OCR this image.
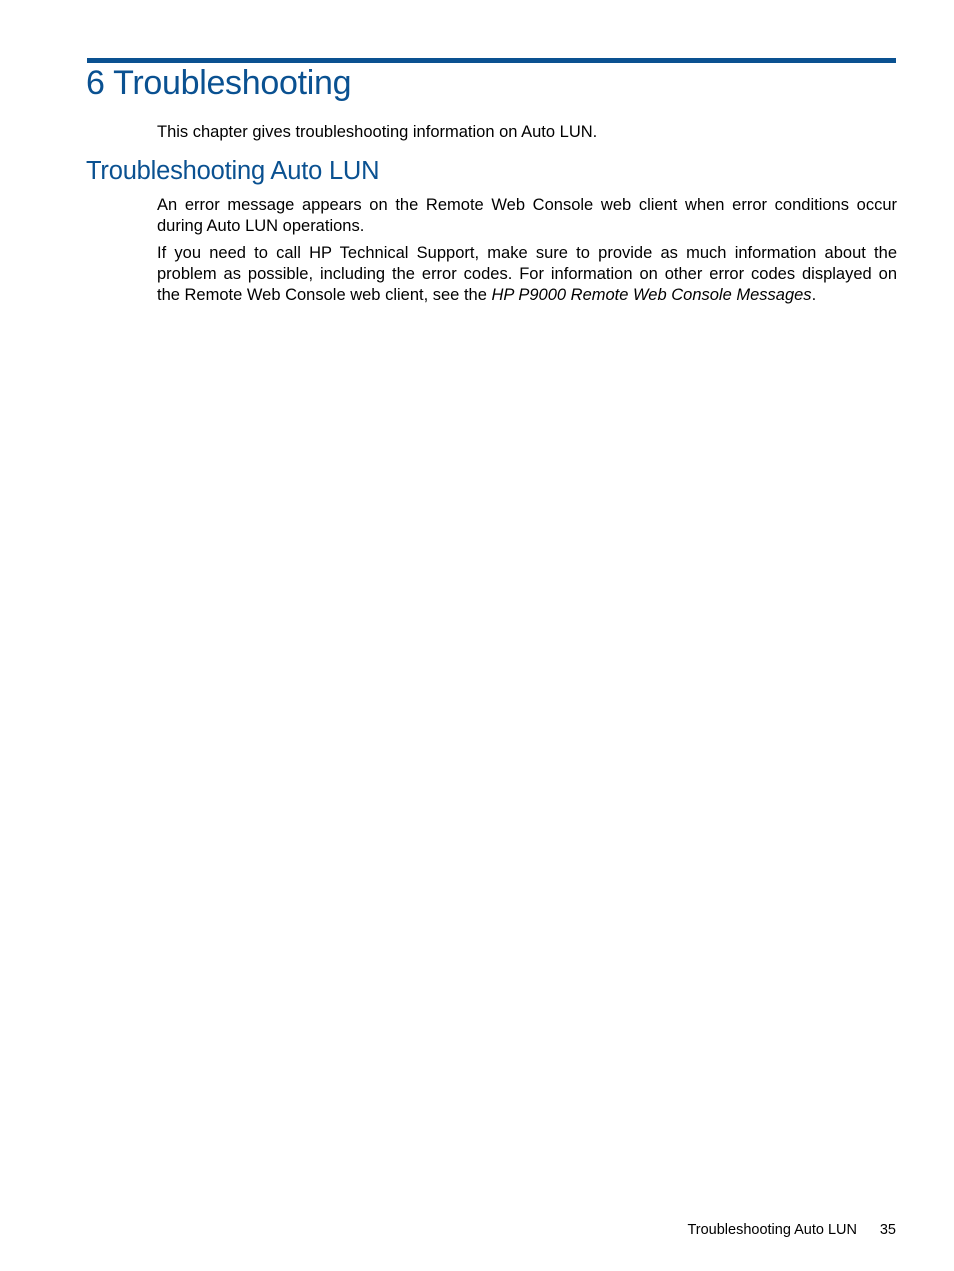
6 Troubleshooting

This chapter gives troubleshooting information on Auto LUN.

Troubleshooting Auto LUN

An error message appears on the Remote Web Console web client when error conditions occur
during Auto LUN operations.

If you need to call HP Technical Support, make sure to provide as much information about the
problem as possible, including the error codes. For information on other error codes displayed on
the Remote Web Console web client, see the HP P9000 Remote Web Console Messages.

Troubleshooting Auto LUN 35
